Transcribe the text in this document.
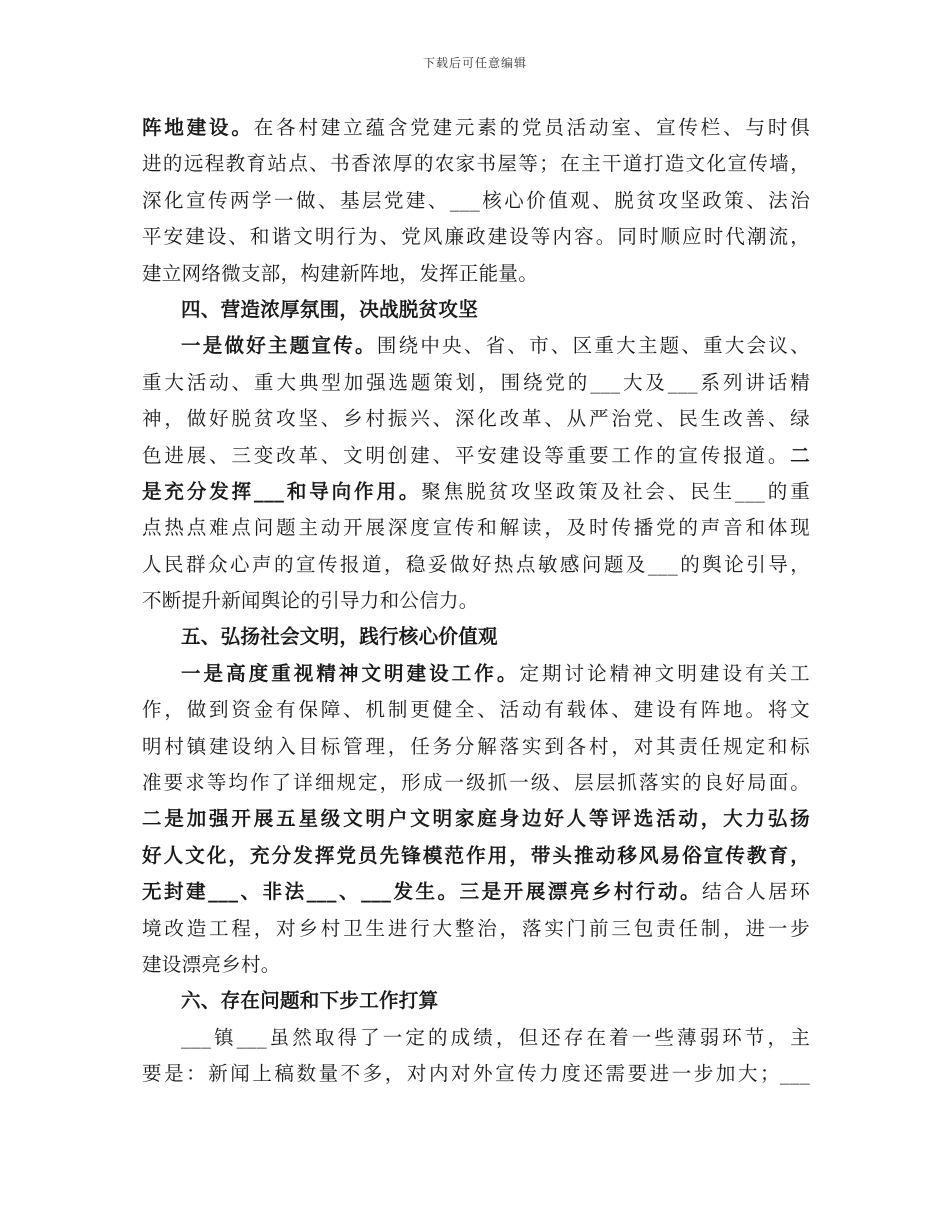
下载后可任意编辑
阵地建设。在各村建立蕴含党建元素的党员活动室、宣传栏、与时俱
进的远程教育站点、书香浓厚的农家书屋等；在主干道打造文化宣传墙，
深化宣传两学一做、基层党建、___核心价值观、脱贫攻坚政策、法治
平安建设、和谐文明行为、党风廉政建设等内容。同时顺应时代潮流，
建立网络微支部，构建新阵地，发挥正能量。
四、营造浓厚氛围，决战脱贫攻坚
一是做好主题宣传。围绕中央、省、市、区重大主题、重大会议、
重大活动、重大典型加强选题策划，围绕党的___大及___系列讲话精
神，做好脱贫攻坚、乡村振兴、深化改革、从严治党、民生改善、绿
色进展、三变改革、文明创建、平安建设等重要工作的宣传报道。二
是充分发挥___和导向作用。聚焦脱贫攻坚政策及社会、民生___的重
点热点难点问题主动开展深度宣传和解读，及时传播党的声音和体现
人民群众心声的宣传报道，稳妥做好热点敏感问题及___的舆论引导，
不断提升新闻舆论的引导力和公信力。
五、弘扬社会文明，践行核心价值观
一是高度重视精神文明建设工作。定期讨论精神文明建设有关工
作，做到资金有保障、机制更健全、活动有载体、建设有阵地。将文
明村镇建设纳入目标管理，任务分解落实到各村，对其责任规定和标
准要求等均作了详细规定，形成一级抓一级、层层抓落实的良好局面。
二是加强开展五星级文明户文明家庭身边好人等评选活动，大力弘扬
好人文化，充分发挥党员先锋模范作用，带头推动移风易俗宣传教育，
无封建___、非法___、___发生。三是开展漂亮乡村行动。结合人居环
境改造工程，对乡村卫生进行大整治，落实门前三包责任制，进一步
建设漂亮乡村。
六、存在问题和下步工作打算
___镇___虽然取得了一定的成绩，但还存在着一些薄弱环节，主
要是：新闻上稿数量不多，对内对外宣传力度还需要进一步加大；___
